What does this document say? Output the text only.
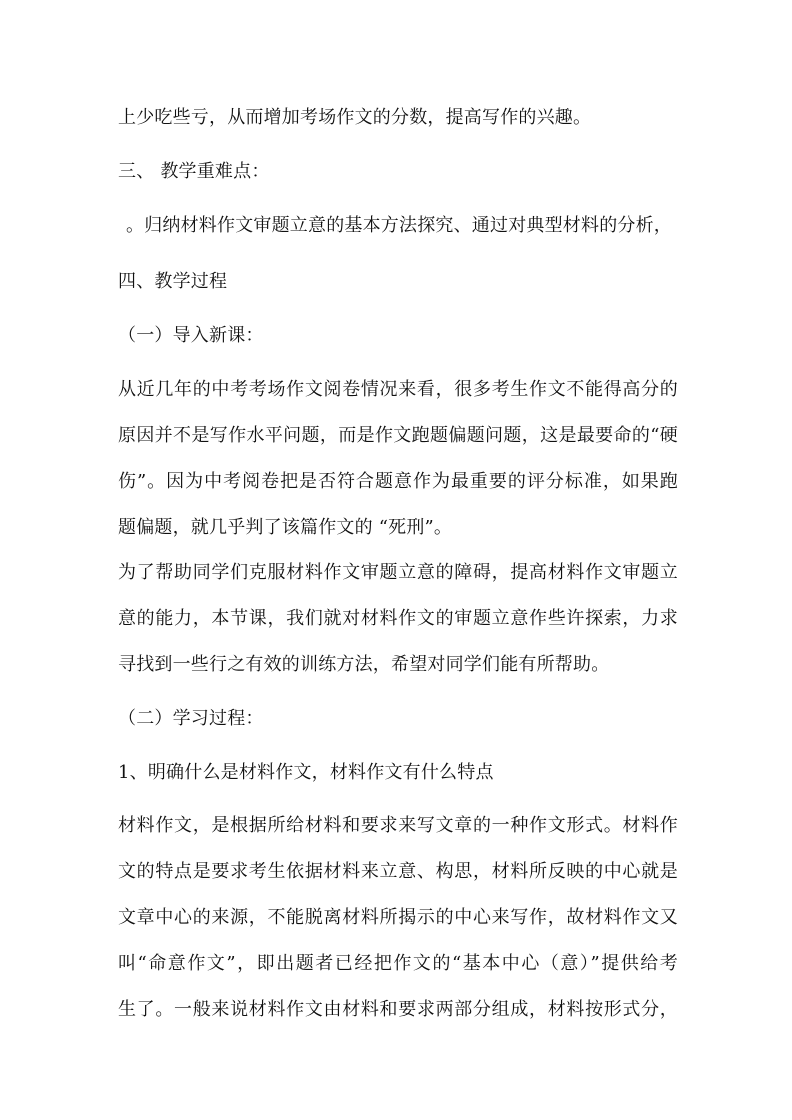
上少吃些亏，从而增加考场作文的分数，提高写作的兴趣。
三、 教学重难点：
。归纳材料作文审题立意的基本方法探究、通过对典型材料的分析，
四、教学过程
（一）导入新课：
从近几年的中考考场作文阅卷情况来看，很多考生作文不能得高分的
原因并不是写作水平问题，而是作文跑题偏题问题，这是最要命的“硬
伤”。因为中考阅卷把是否符合题意作为最重要的评分标准，如果跑
题偏题，就几乎判了该篇作文的 “死刑”。
为了帮助同学们克服材料作文审题立意的障碍，提高材料作文审题立
意的能力，本节课，我们就对材料作文的审题立意作些许探索，力求
寻找到一些行之有效的训练方法，希望对同学们能有所帮助。
（二）学习过程：
1、明确什么是材料作文，材料作文有什么特点
材料作文，是根据所给材料和要求来写文章的一种作文形式。材料作
文的特点是要求考生依据材料来立意、构思，材料所反映的中心就是
文章中心的来源，不能脱离材料所揭示的中心来写作，故材料作文又
叫“命意作文”，即出题者已经把作文的“基本中心（意）”提供给考
生了。一般来说材料作文由材料和要求两部分组成，材料按形式分，
